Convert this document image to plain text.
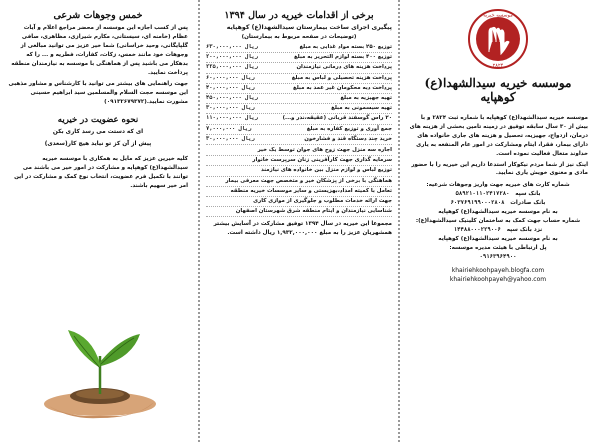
خمس وجوهات شرعی

پس از کسب اجازه این موسسه از محضر مراجع اعلام و آیات عظام (خامنه ای، سیستانی، مکارم شیرازی، مظاهری، صافی گلپایگانی، وحید خراسانی) شما خیر عزیز می توانید مبالغی از وجوهات خود مانند خمس، زکات، کفارات، فطریه و ... را که بدهکار می باشید پس از هماهنگی با موسسه به نیازمندان منطقه پرداخت نمایید.

جهت راهنمایی های بیشتر می توانید با کارشناس و مشاور مذهبی این موسسه حجت السلام والمسلمین سید ابراهیم حسینی مشورت نمایید.(۰۹۱۳۲۶۷۹۳۷۲)

نحوه عضویت در خیریه
ای که دستت می رسد کاری بکن
پیش از آن کز تو نیاید هیچ کار(سعدی)

کلیه خیرین عزیز که مایل به همکاری با موسسه خیریه سیدالشهدا(ع) کوهپایه و مشارکت در امور خیر می باشند می توانند با تکمیل فرم عضویت، انتخاب نوع کمک و مشارکت در این امر خیر سهیم باشند.

برخی از اقدامات خیریه در سال ۱۳۹۴
پیگیری اجرای ساخت بیمارستان سیدالشهدا(ع) کوهپایه
(توضیحات در صفحه مربوط به بیمارستان)
توزیع ۲۵۰ بسته مواد غذایی به مبلغ
۶۳۰,۰۰۰,۰۰۰ ریال
توزیع ۴۰۰ بسته لوازم التحریر به مبلغ
۲۰۰,۰۰۰,۰۰۰ ریال
پرداخت هزینه های درمانی نیازمندان
۲۲۵,۰۰۰,۰۰۰ ریال
پرداخت هزینه تحصیلی و لباس به مبلغ
۶۰,۰۰۰,۰۰۰ ریال
پرداخت دیه محکومان غیر عمد به مبلغ
۴۰,۰۰۰,۰۰۰ ریال
تهیه جهیزیه به مبلغ
۴۵۰,۰۰۰,۰۰۰ ریال
تهیه سیسمونی به مبلغ
۳۰,۰۰۰,۰۰۰ ریال
۲۰ راس گوسفند قربانی (عقیقه،نذر و...)
۱۱۰,۰۰۰,۰۰۰ ریال
جمع آوری و توزیع کفاره به مبلغ
۷,۰۰۰,۰۰۰ ریال
خرید چند دستگاه قند و فشارخون
۳۰,۰۰۰,۰۰۰ ریال
اجاره سه منزل جهت زوج های جوان توسط یک خیر
سرمایه گذاری جهت کارآفرینی زنان سرپرست خانوار
توزیع لباس و لوازم منزل بین خانواده های نیازمند
هماهنگی با برخی از پزشکان خیر و متخصص جهت معرفی بیمار
تعامل با کمیته امداد،بهزیستی و سایر موسسات خیریه منطقه
جهت ارائه خدمات مطلوب و جلوگیری از موازی کاری
شناسایی نیازمندان و ایتام منطقه شرق شهرستان اصفهان

مجموعا این خیریه در سال ۱۳۹۴ توفیق مشارکت در آسایش بیشتر همشهریان عزیز را به مبلغ ۱,۹۳۲,۰۰۰,۰۰۰ ریال داشته است.

موسسه خیریه
۲۸۲۴
موسسه خیریه سیدالشهدا(ع) کوهپایه

موسسه خیریه سیدالشهدا(ع) کوهپایه با شماره ثبت ۲۸۲۴ و با بیش از ۳۰ سال سابقه توفیق در زمینه تامین بخشی از هزینه های درمان، ازدواج، جهیزیه، تحصیل و هزینه های جاری خانواده های دارای بیمار، فقرا، ایتام ومشارکت در امور عام المنفعه به یاری خداوند متعال فعالیت نموده است.

اینک نیز از شما مردم نیکوکار استدعا داریم این خیریه را با حضور مادی و معنوی خویش یاری نمایید.

شماره کارت های خیریه جهت واریز وجوهات شرعیه:
بانک سپه   ۵۸۹۲۱۰۱۱۰۲۴۱۷۲۸۰
بانک صادرات   ۶۰۳۷۶۹۱۹۹۰۰۰۲۸۰۸
به نام موسسه خیریه سیدالشهدا(ع) کوهپایه
شماره حساب جهت کمک به ساختمان کلینیک سیدالشهدا(ع):
نزد بانک سپه   ۱۴۴۸۸۰۰۰۲۲۹۰۰۶
به نام موسسه خیریه سیدالشهدا(ع) کوهپایه
پل ارتباطی با هیئت مدیره موسسه:
۰۹۱۶۳۹۶۴۹۰۰
khairiehkoohpayeh.blogfa.com
khairiehkoohpayeh@yahoo.com
